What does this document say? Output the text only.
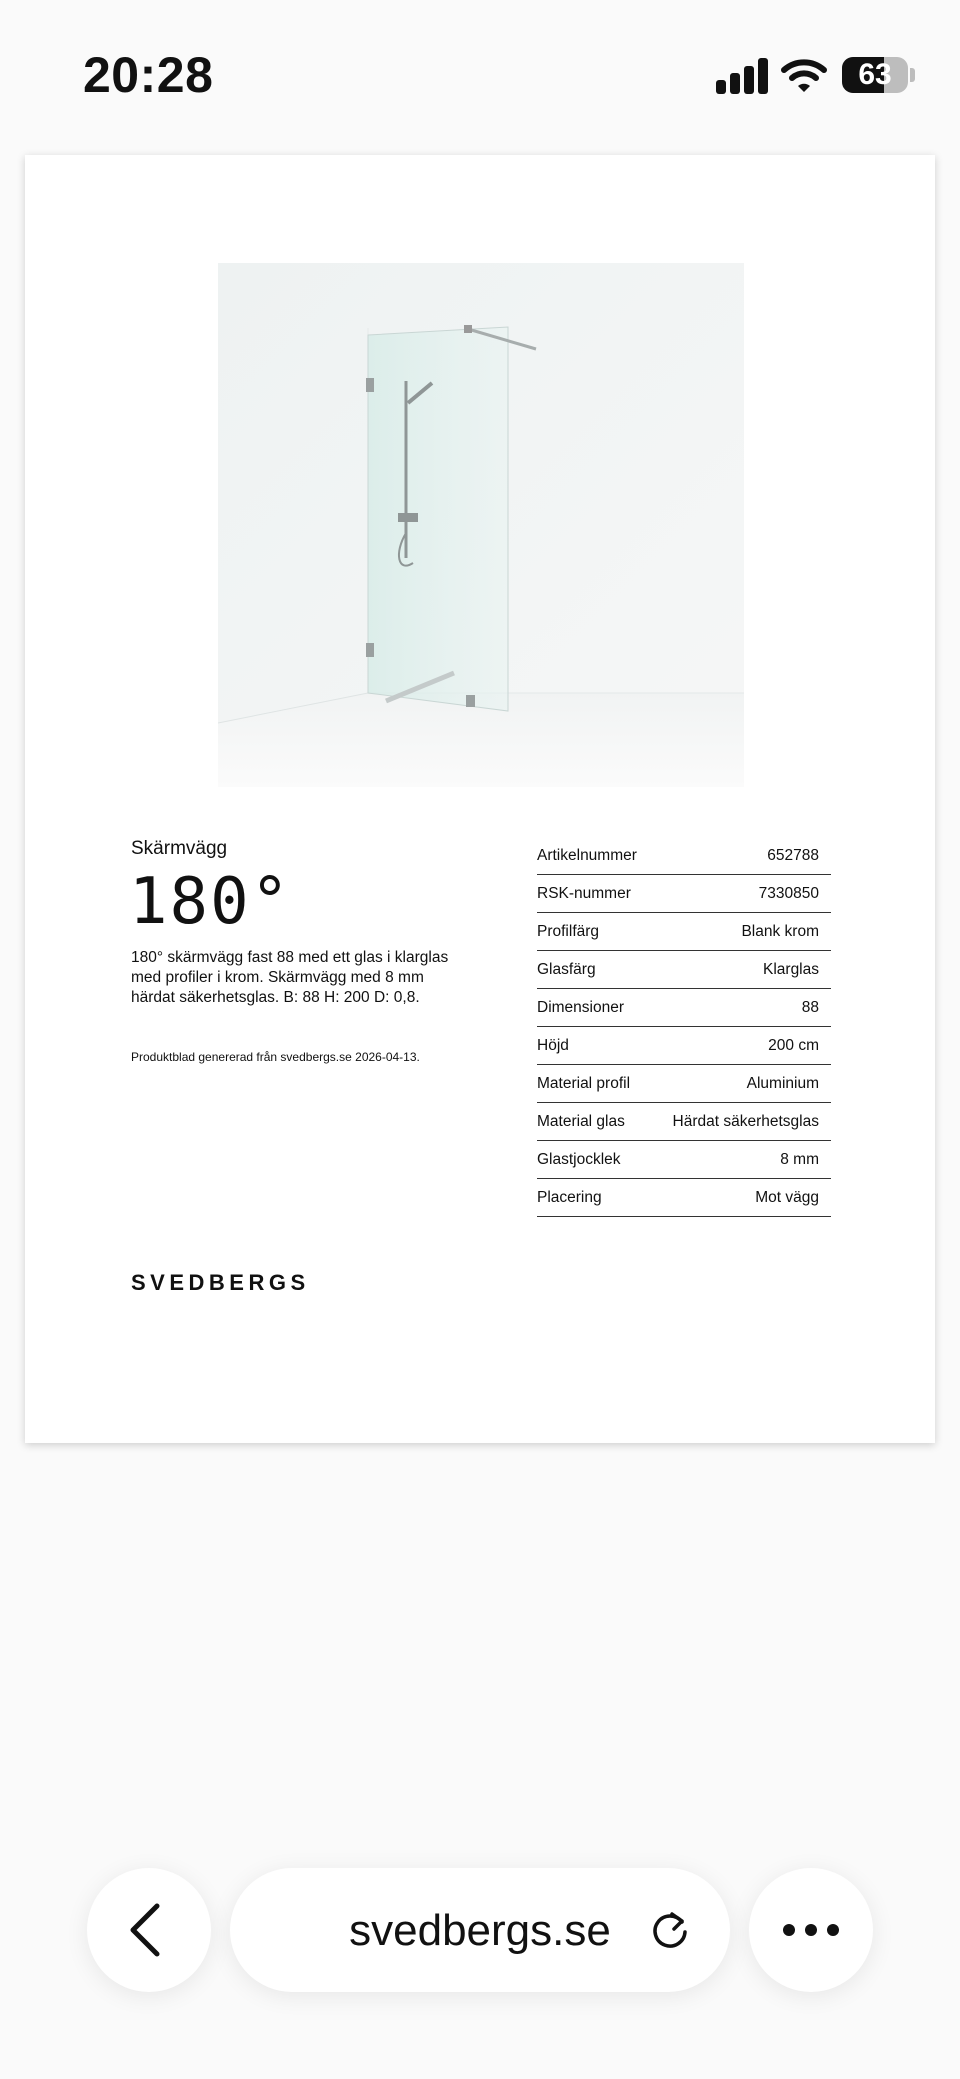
20:28	63
Skärmvägg
180°
180° skärmvägg fast 88 med ett glas i klarglas med profiler i krom. Skärmvägg med 8 mm härdat säkerhetsglas. B: 88 H: 200 D: 0,8.
Produktblad genererad från svedbergs.se 2026-04-13.
Artikelnummer	652788
RSK-nummer	7330850
Profilfärg	Blank krom
Glasfärg	Klarglas
Dimensioner	88
Höjd	200 cm
Material profil	Aluminium
Material glas	Härdat säkerhetsglas
Glastjocklek	8 mm
Placering	Mot vägg
SVEDBERGS
svedbergs.se
